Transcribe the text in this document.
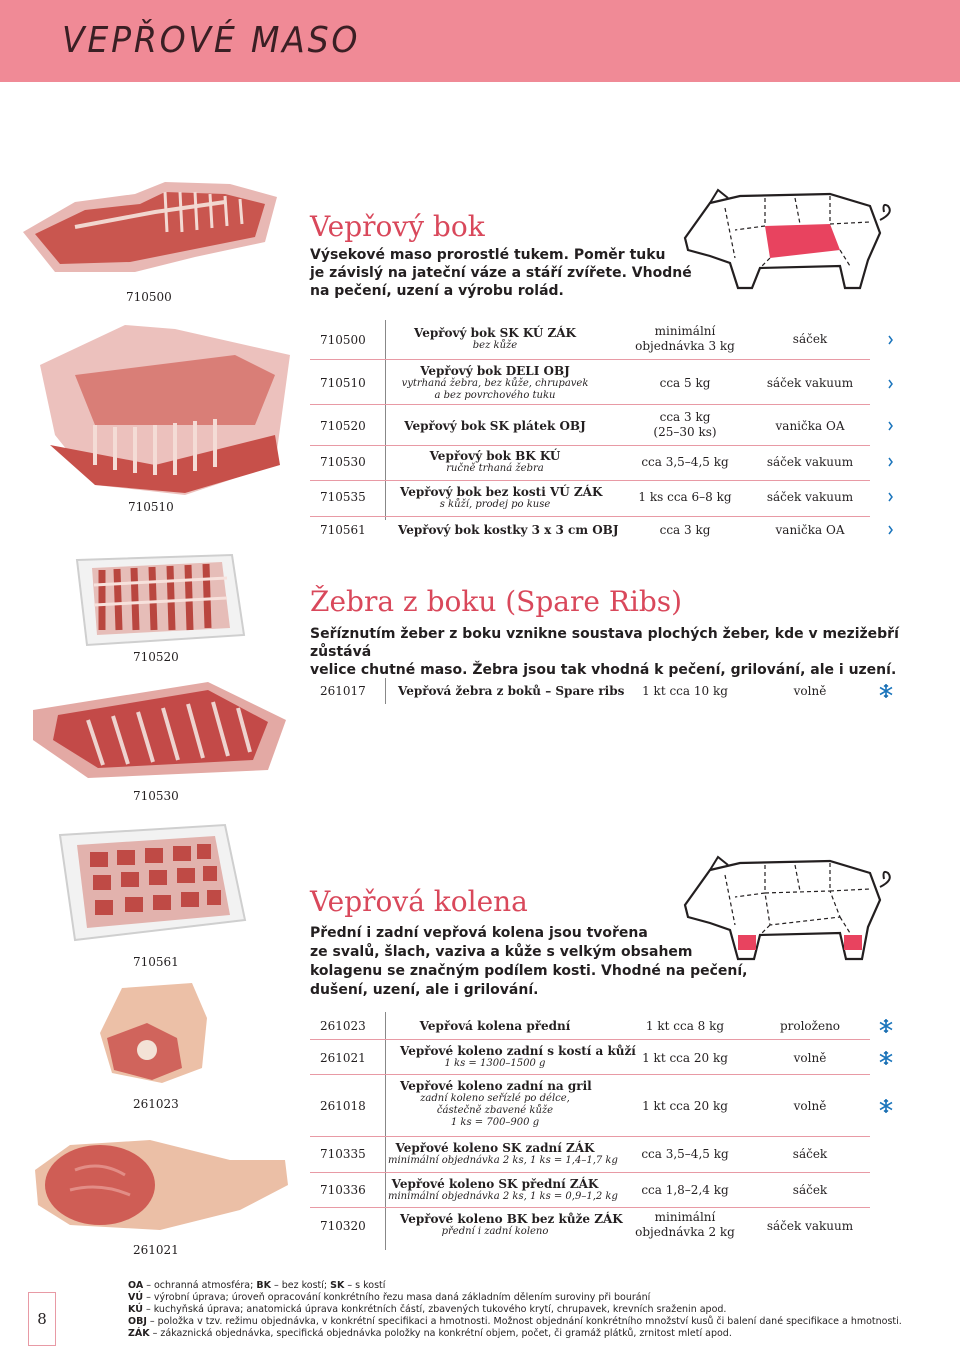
VEPŘOVÉ MASO
710500
710510
710520
710530
710561
261023
261021
Vepřový bok
Výsekové maso prorostlé tukem. Poměr tuku
je závislý na jateční váze a stáří zvířete. Vhodné
na pečení, uzení a výrobu rolád.
710500	Vepřový bok SK KÚ ZÁK
bez kůže
minimální
objednávka 3 kg	sáček
710510
Vepřový bok DELI OBJ
vytrhaná žebra, bez kůže, chrupavek
a bez povrchového tuku
cca 5 kg	sáček vakuum
710520	Vepřový bok SK plátek OBJ
cca 3 kg
(25–30 ks)	vanička OA
710530	Vepřový bok BK KÚ
ručně trhaná žebra	cca 3,5–4,5 kg	sáček vakuum
710535	Vepřový bok bez kosti VÚ ZÁK
s kůží, prodej po kuse
1 ks cca 6–8 kg	sáček vakuum
710561	Vepřový bok kostky 3 x 3 cm OBJ	cca 3 kg	vanička OA
Žebra z boku (Spare Ribs)
Seříznutím žeber z boku vznikne soustava plochých žeber, kde v mezižebří zůstává
velice chutné maso. Žebra jsou tak vhodná k pečení, grilování, ale i uzení.
261017	Vepřová žebra z boků – Spare ribs	1 kt cca 10 kg	volně
Vepřová kolena
Přední i zadní vepřová kolena jsou tvořena
ze svalů, šlach, vaziva a kůže s velkým obsahem
kolagenu se značným podílem kosti. Vhodné na pečení,
dušení, uzení, ale i grilování.
261023	Vepřová kolena přední	1 kt cca 8 kg	proloženo
261021	Vepřové koleno zadní s kostí a kůží
1 ks = 1300–1500 g	1 kt cca 20 kg	volně
261018
Vepřové koleno zadní na gril
zadní koleno seřízlé po délce,
částečně zbavené kůže
1 ks = 700–900 g
1 kt cca 20 kg	volně
710335	Vepřové koleno SK zadní ZÁK
minimální objednávka 2 ks, 1 ks = 1,4–1,7 kg	cca 3,5–4,5 kg	sáček
710336	Vepřové koleno SK přední ZÁK
minimální objednávka 2 ks, 1 ks = 0,9–1,2 kg	cca 1,8–2,4 kg	sáček
710320	Vepřové koleno BK bez kůže ZÁK
přední i zadní koleno
minimální
objednávka 2 kg	sáček vakuum
8
OA – ochranná atmosféra; BK – bez kostí; SK – s kostí
VÚ – výrobní úprava; úroveň opracování konkrétního řezu masa daná základním dělením suroviny při bourání
KÚ – kuchyňská úprava; anatomická úprava konkrétních částí, zbavených tukového krytí, chrupavek, krevních sraženin apod.
OBJ – položka v tzv. režimu objednávka, v konkrétní specifikaci a hmotnosti. Možnost objednání konkrétního množství kusů či balení dané specifikace a hmotnosti.
ZÁK – zákaznická objednávka, specifická objednávka položky na konkrétní objem, počet, či gramáž plátků, zrnitost mletí apod.
